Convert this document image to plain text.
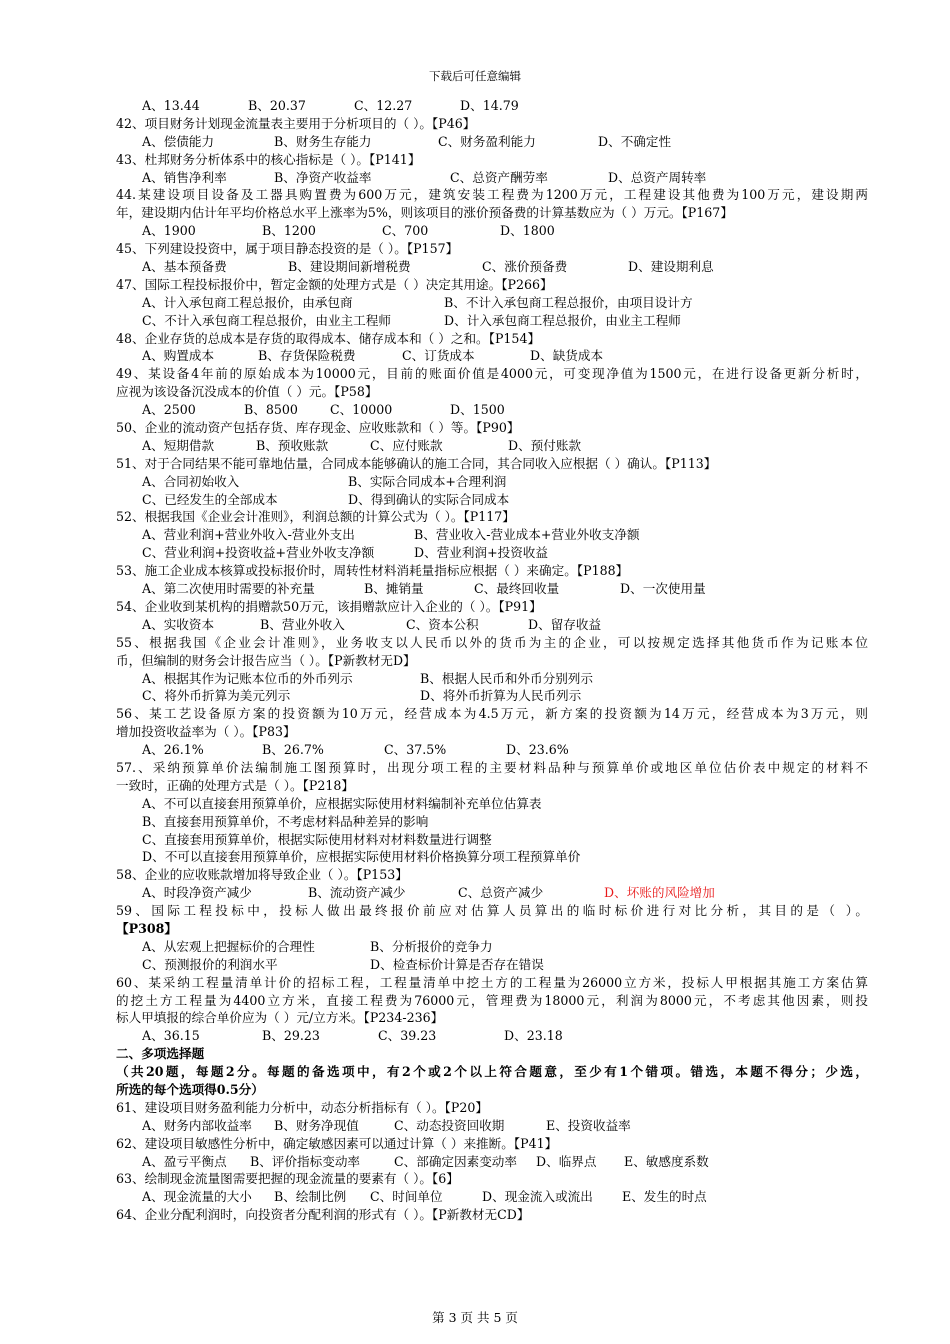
下载后可任意编辑
A、13.44	B、20.37	C、12.27	D、14.79
42、项目财务计划现金流量表主要用于分析项目的（ ）。【P46】
A、偿债能力	B、财务生存能力	C、财务盈利能力	D、不确定性
43、杜邦财务分析体系中的核心指标是（ ）。【P141】
A、销售净利率	B、净资产收益率	C、总资产酬劳率	D、总资产周转率
44.某建设项目设备及工器具购置费为600万元，建筑安装工程费为1200万元，工程建设其他费为100万元，建设期两
年，建设期内估计年平均价格总水平上涨率为5%，则该项目的涨价预备费的计算基数应为（ ）万元。【P167】
A、1900	B、1200	C、700	D、1800
45、下列建设投资中，属于项目静态投资的是（ ）。【P157】
A、基本预备费	B、建设期间新增税费	C、涨价预备费	D、建设期利息
47、国际工程投标报价中，暂定金额的处理方式是（ ）决定其用途。【P266】
A、计入承包商工程总报价，由承包商	B、不计入承包商工程总报价，由项目设计方
C、不计入承包商工程总报价，由业主工程师	D、计入承包商工程总报价，由业主工程师
48、企业存货的总成本是存货的取得成本、储存成本和（ ）之和。【P154】
A、购置成本	B、存货保险税费	C、订货成本	D、缺货成本
49、某设备4年前的原始成本为10000元，目前的账面价值是4000元，可变现净值为1500元，在进行设备更新分析时，
应视为该设备沉没成本的价值（ ）元。【P58】
A、2500	B、8500	C、10000	D、1500
50、企业的流动资产包括存货、库存现金、应收账款和（ ）等。【P90】
A、短期借款	B、预收账款	C、应付账款	D、预付账款
51、对于合同结果不能可靠地估量，合同成本能够确认的施工合同，其合同收入应根据（ ）确认。【P113】
A、合同初始收入	B、实际合同成本+合理利润
C、已经发生的全部成本	D、得到确认的实际合同成本
52、根据我国《企业会计准则》，利润总额的计算公式为（ ）。【P117】
A、营业利润+营业外收入-营业外支出	B、营业收入-营业成本+营业外收支净额
C、营业利润+投资收益+营业外收支净额	D、营业利润+投资收益
53、施工企业成本核算或投标报价时，周转性材料消耗量指标应根据（ ）来确定。【P188】
A、第二次使用时需要的补充量	B、摊销量	C、最终回收量	D、一次使用量
54、企业收到某机构的捐赠款50万元，该捐赠款应计入企业的（ ）。【P91】
A、实收资本	B、营业外收入	C、资本公积	D、留存收益
55、根据我国《企业会计准则》，业务收支以人民币以外的货币为主的企业，可以按规定选择其他货币作为记账本位
币，但编制的财务会计报告应当（ ）。【P新教材无D】
A、根据其作为记账本位币的外币列示	B、根据人民币和外币分别列示
C、将外币折算为美元列示	D、将外币折算为人民币列示
56、某工艺设备原方案的投资额为10万元，经营成本为4.5万元，新方案的投资额为14万元，经营成本为3万元，则
增加投资收益率为（ ）。【P83】
A、26.1%	B、26.7%	C、37.5%	D、23.6%
57.、采纳预算单价法编制施工图预算时，出现分项工程的主要材料品种与预算单价或地区单位估价表中规定的材料不
一致时，正确的处理方式是（ ）。【P218】
A、不可以直接套用预算单价，应根据实际使用材料编制补充单位估算表
B、直接套用预算单价，不考虑材料品种差异的影响
C、直接套用预算单价，根据实际使用材料对材料数量进行调整
D、不可以直接套用预算单价，应根据实际使用材料价格换算分项工程预算单价
58、企业的应收账款增加将导致企业（ ）。【P153】
A、时段净资产减少	B、流动资产减少	C、总资产减少	D、坏账的风险增加
59、国际工程投标中，投标人做出最终报价前应对估算人员算出的临时标价进行对比分析，其目的是（ ）。
【P308】
A、从宏观上把握标价的合理性	B、分析报价的竞争力
C、预测报价的利润水平	D、检查标价计算是否存在错误
60、某采纳工程量清单计价的招标工程，工程量清单中挖土方的工程量为26000立方米，投标人甲根据其施工方案估算
的挖土方工程量为4400立方米，直接工程费为76000元，管理费为18000元，利润为8000元，不考虑其他因素，则投
标人甲填报的综合单价应为（ ）元/立方米。【P234-236】
A、36.15	B、29.23	C、39.23	D、23.18
二、多项选择题
（共20题，每题2分。每题的备选项中，有2个或2个以上符合题意，至少有1个错项。错选，本题不得分；少选，
所选的每个选项得0.5分）
61、建设项目财务盈利能力分析中，动态分析指标有（ ）。【P20】
A、财务内部收益率 B、财务净现值	C、动态投资回收期	E、投资收益率
62、建设项目敏感性分析中，确定敏感因素可以通过计算（ ）来推断。【P41】
A、盈亏平衡点 B、评价指标变动率	C、部确定因素变动率 D、临界点 E、敏感度系数
63、绘制现金流量图需要把握的现金流量的要素有（ ）。【6】
A、现金流量的大小 B、绘制比例 C、时间单位	D、现金流入或流出 E、发生的时点
64、企业分配利润时，向投资者分配利润的形式有（ ）。【P新教材无CD】
第 3 页 共 5 页
